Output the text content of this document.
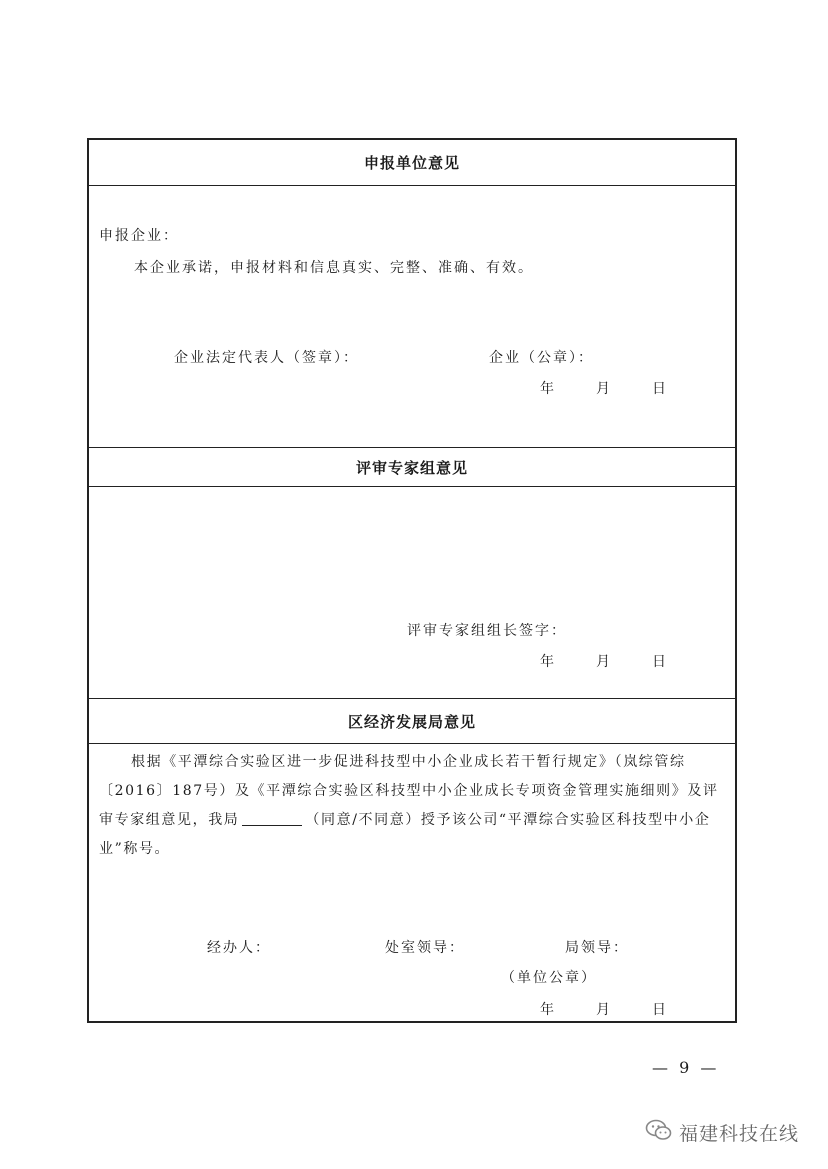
申报单位意见
申报企业：
本企业承诺，申报材料和信息真实、完整、准确、有效。
企业法定代表人（签章）：	企业（公章）：
年	月	日
评审专家组意见
评审专家组组长签字：
年	月	日
区经济发展局意见
根据《平潭综合实验区进一步促进科技型中小企业成长若干暂行规定》（岚综管综〔2016〕187号）及《平潭综合实验区科技型中小企业成长专项资金管理实施细则》及评审专家组意见，我局	（同意/不同意）授予该公司“平潭综合实验区科技型中小企业”称号。
经办人：	处室领导：	局领导：
（单位公章）
年	月	日
— 9 —
福建科技在线
